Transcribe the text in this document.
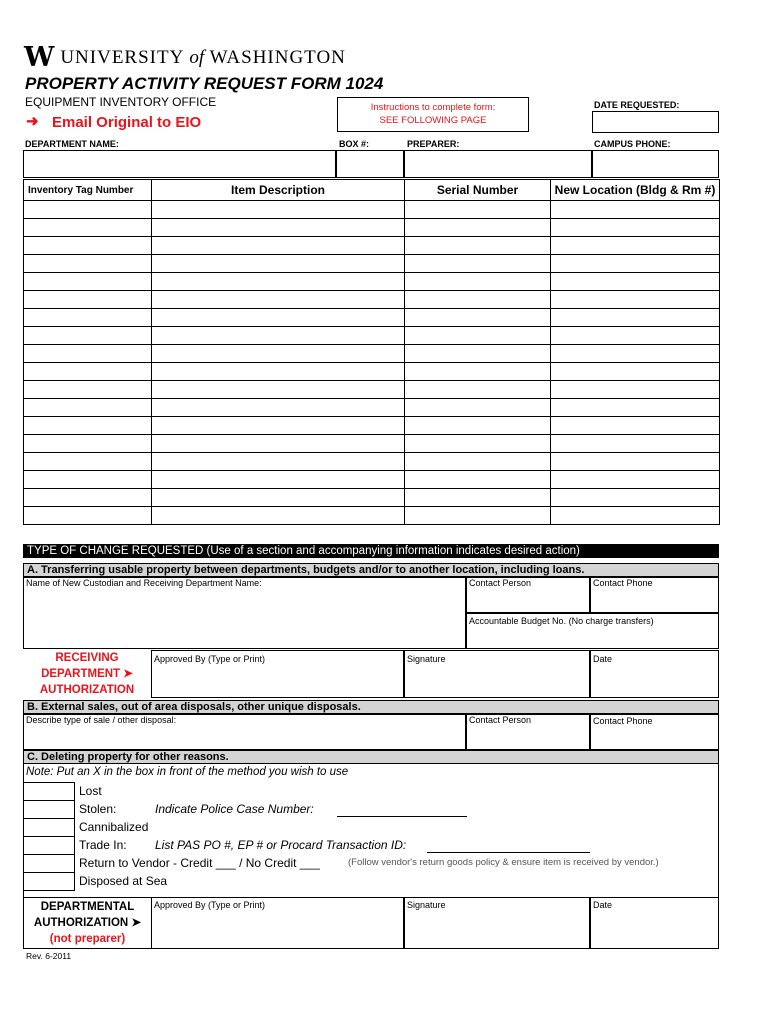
W UNIVERSITY of WASHINGTON
PROPERTY ACTIVITY REQUEST FORM 1024
EQUIPMENT INVENTORY OFFICE
➜ Email Original to EIO
Instructions to complete form:
SEE FOLLOWING PAGE
DATE REQUESTED:
DEPARTMENT NAME:	BOX #:	PREPARER:	CAMPUS PHONE:
Inventory Tag Number	Item Description	Serial Number	New Location (Bldg & Rm #)

TYPE OF CHANGE REQUESTED (Use of a section and accompanying information indicates desired action)
A. Transferring usable property between departments, budgets and/or to another location, including loans.
Name of New Custodian and Receiving Department Name:	Contact Person	Contact Phone
Accountable Budget No. (No charge transfers)
RECEIVING
DEPARTMENT ➤
AUTHORIZATION
Approved By (Type or Print)	Signature	Date
B. External sales, out of area disposals, other unique disposals.
Describe type of sale / other disposal:	Contact Person	Contact Phone
C. Deleting property for other reasons.
Note: Put an X in the box in front of the method you wish to use
Lost
Stolen:	Indicate Police Case Number:
Cannibalized
Trade In: List PAS PO #, EP # or Procard Transaction ID:
Return to Vendor - Credit ___ / No Credit ___	(Follow vendor's return goods policy & ensure item is received by vendor.)
Disposed at Sea
DEPARTMENTAL
AUTHORIZATION ➤
(not preparer)
Approved By (Type or Print)	Signature	Date
Rev. 6-2011
